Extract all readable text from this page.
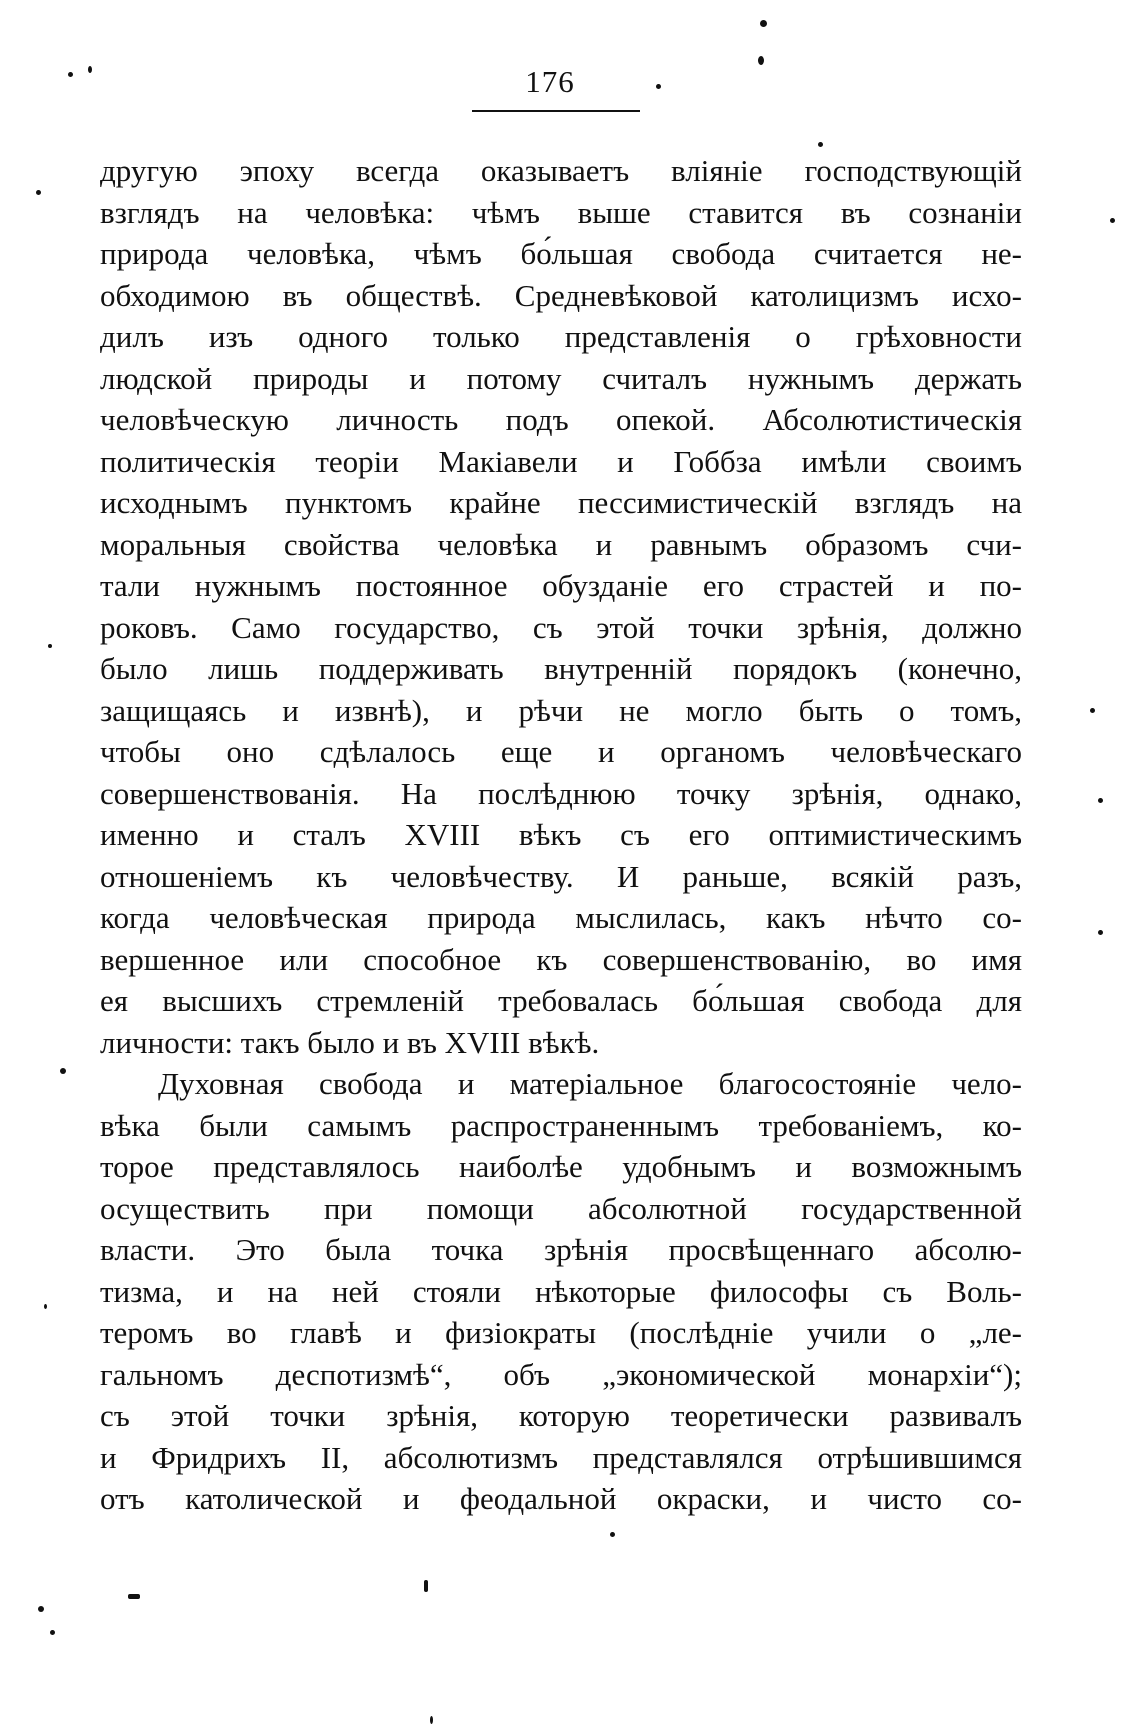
176
другую эпоху всегда оказываетъ вліяніе господствующій
взглядъ на человѣка: чѣмъ выше ставится въ сознаніи
природа человѣка, чѣмъ бо́льшая свобода считается не-
обходимою въ обществѣ. Средневѣковой католицизмъ исхо-
дилъ изъ одного только представленія о грѣховности
людской природы и потому считалъ нужнымъ держать
человѣческую личность подъ опекой. Абсолютистическія
политическія теоріи Макіавели и Гоббза имѣли своимъ
исходнымъ пунктомъ крайне пессимистическій взглядъ на
моральныя свойства человѣка и равнымъ образомъ счи-
тали нужнымъ постоянное обузданіе его страстей и по-
роковъ. Само государство, съ этой точки зрѣнія, должно
было лишь поддерживать внутренній порядокъ (конечно,
защищаясь и извнѣ), и рѣчи не могло быть о томъ,
чтобы оно сдѣлалось еще и органомъ человѣческаго
совершенствованія. На послѣднюю точку зрѣнія, однако,
именно и сталъ XVIII вѣкъ съ его оптимистическимъ
отношеніемъ къ человѣчеству. И раньше, всякій разъ,
когда человѣческая природа мыслилась, какъ нѣчто со-
вершенное или способное къ совершенствованію, во имя
ея высшихъ стремленій требовалась бо́льшая свобода для
личности: такъ было и въ XVIII вѣкѣ.
Духовная свобода и матеріальное благосостояніе чело-
вѣка были самымъ распространеннымъ требованіемъ, ко-
торое представлялось наиболѣе удобнымъ и возможнымъ
осуществить при помощи абсолютной государственной
власти. Это была точка зрѣнія просвѣщеннаго абсолю-
тизма, и на ней стояли нѣкоторые философы съ Воль-
теромъ во главѣ и физіократы (послѣдніе учили о „ле-
гальномъ деспотизмѣ“, объ „экономической монархіи“);
съ этой точки зрѣнія, которую теоретически развивалъ
и Фридрихъ II, абсолютизмъ представлялся отрѣшившимся
отъ католической и феодальной окраски, и чисто со-
